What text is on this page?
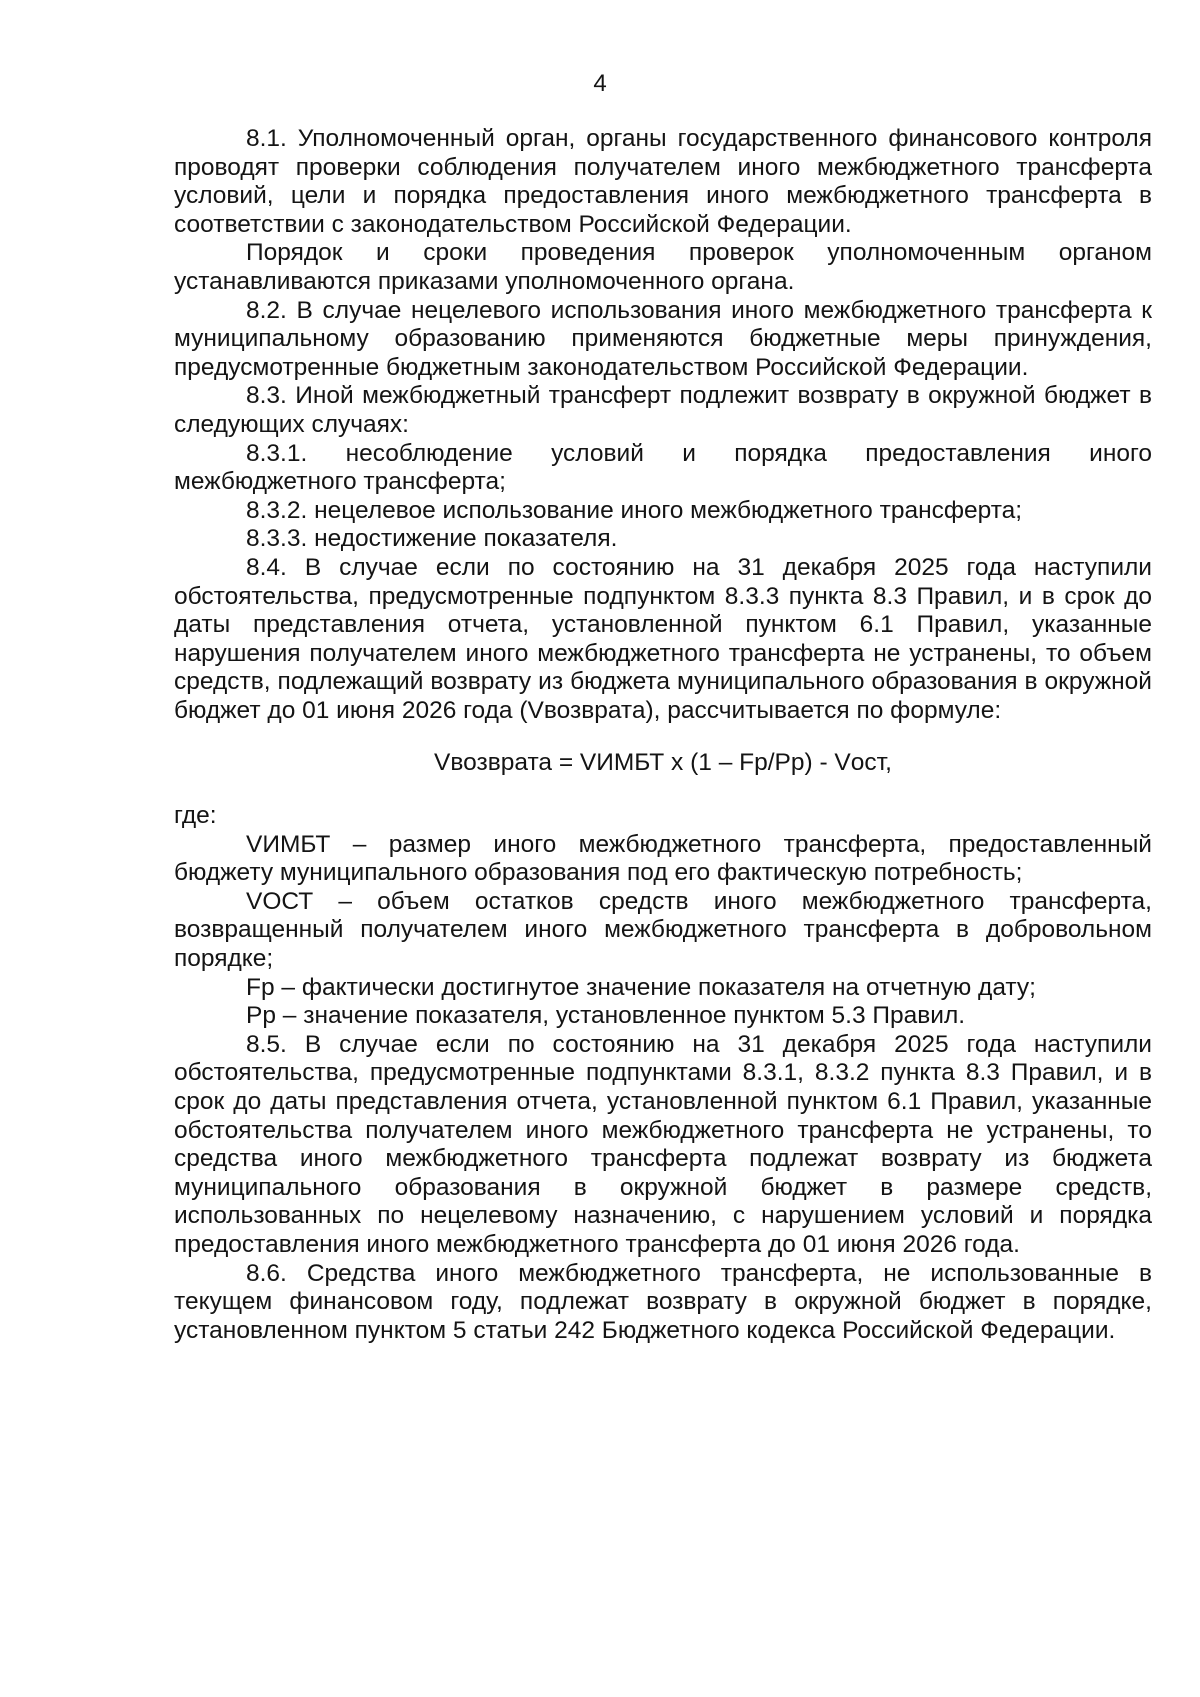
4

8.1. Уполномоченный орган, органы государственного финансового контроля проводят проверки соблюдения получателем иного межбюджетного трансферта условий, цели и порядка предоставления иного межбюджетного трансферта в соответствии с законодательством Российской Федерации.

Порядок и сроки проведения проверок уполномоченным органом устанавливаются приказами уполномоченного органа.

8.2. В случае нецелевого использования иного межбюджетного трансферта к муниципальному образованию применяются бюджетные меры принуждения, предусмотренные бюджетным законодательством Российской Федерации.

8.3. Иной межбюджетный трансферт подлежит возврату в окружной бюджет в следующих случаях:

8.3.1. несоблюдение условий и порядка предоставления иного межбюджетного трансферта;

8.3.2. нецелевое использование иного межбюджетного трансферта;

8.3.3. недостижение показателя.

8.4. В случае если по состоянию на 31 декабря 2025 года наступили обстоятельства, предусмотренные подпунктом 8.3.3 пункта 8.3 Правил, и в срок до даты представления отчета, установленной пунктом 6.1 Правил, указанные нарушения получателем иного межбюджетного трансферта не устранены, то объем средств, подлежащий возврату из бюджета муниципального образования в окружной бюджет до 01 июня 2026 года (Vвозврата), рассчитывается по формуле:

Vвозврата = VИМБТ x (1 – Fр/Рр) - Vост,

где:

VИМБТ – размер иного межбюджетного трансферта, предоставленный бюджету муниципального образования под его фактическую потребность;

VОСТ – объем остатков средств иного межбюджетного трансферта, возвращенный получателем иного межбюджетного трансферта в добровольном порядке;

Fр – фактически достигнутое значение показателя на отчетную дату;

Рр – значение показателя, установленное пунктом 5.3 Правил.

8.5. В случае если по состоянию на 31 декабря 2025 года наступили обстоятельства, предусмотренные подпунктами 8.3.1, 8.3.2 пункта 8.3 Правил, и в срок до даты представления отчета, установленной пунктом 6.1 Правил, указанные обстоятельства получателем иного межбюджетного трансферта не устранены, то средства иного межбюджетного трансферта подлежат возврату из бюджета муниципального образования в окружной бюджет в размере средств, использованных по нецелевому назначению, с нарушением условий и порядка предоставления иного межбюджетного трансферта до 01 июня 2026 года.

8.6. Средства иного межбюджетного трансферта, не использованные в текущем финансовом году, подлежат возврату в окружной бюджет в порядке, установленном пунктом 5 статьи 242 Бюджетного кодекса Российской Федерации.
